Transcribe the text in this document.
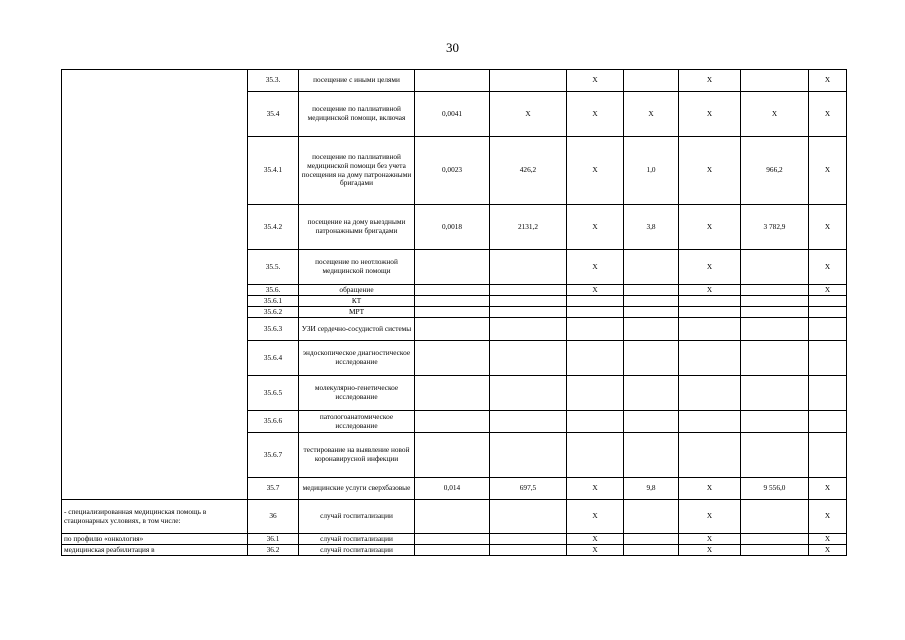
30
	35.3.	посещение с иными целями			Х		Х		Х
	35.4	посещение по паллиативной медицинской помощи, включая	0,0041	Х	Х	Х	Х	Х	Х
	35.4.1	посещение по паллиативной медицинской помощи без учета посещения на дому патронажными бригадами	0,0023	426,2	Х	1,0	Х	966,2	Х
	35.4.2	посещение на дому выездными патронажными бригадами	0,0018	2131,2	Х	3,8	Х	3 782,9	Х
	35.5.	посещение по неотложной медицинской помощи			Х		Х		Х
	35.6.	обращение			Х		Х		Х
	35.6.1	КТ							
	35.6.2	МРТ							
	35.6.3	УЗИ сердечно-сосудистой системы							
	35.6.4	эндоскопическое диагностическое исследование							
	35.6.5	молекулярно-генетическое исследование							
	35.6.6	патологоанатомическое исследование							
	35.6.7	тестирование на выявление новой коронавирусной инфекции							
	35.7	медицинские услуги сверхбазовые	0,014	697,5	Х	9,8	Х	9 556,0	Х
- специализированная медицинская помощь в стационарных условиях, в том числе:	36	случай госпитализации			Х		Х		Х
по профилю «онкология»	36.1	случай госпитализации			Х		Х		Х
медицинская реабилитация в	36.2	случай госпитализации			Х		Х		Х
